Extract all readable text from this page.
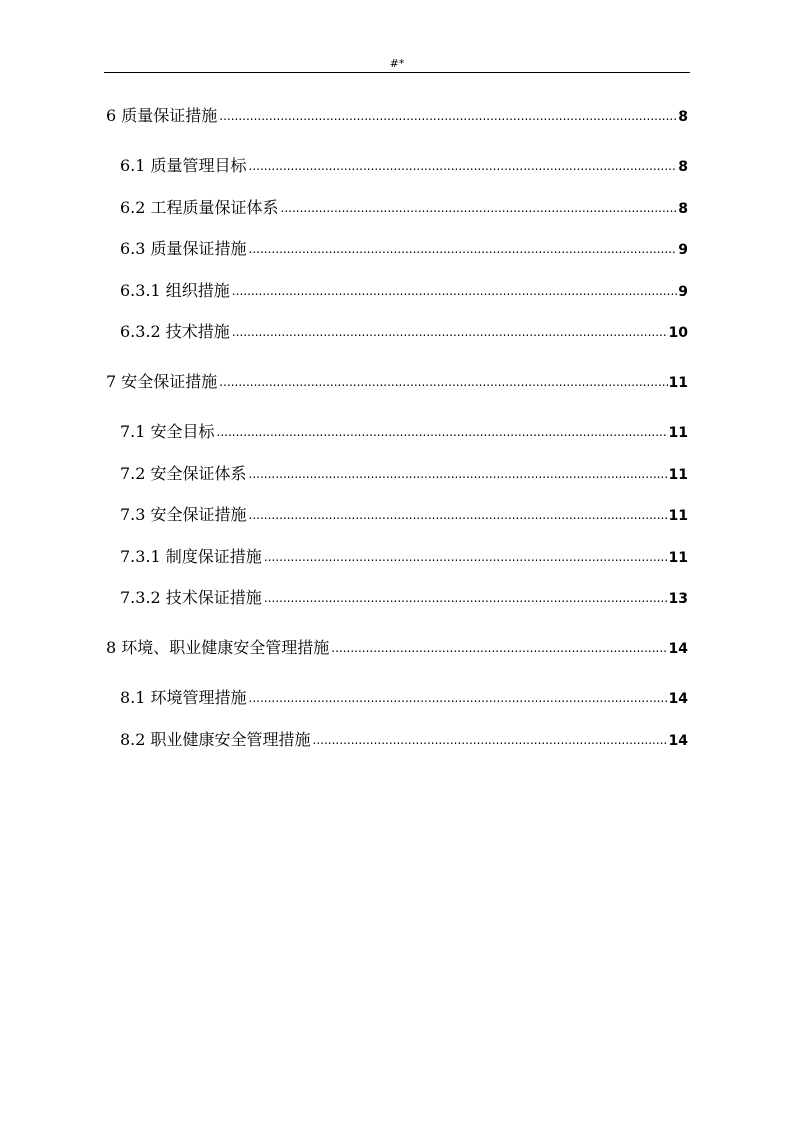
#*
6 质量保证措施 .....	8
6.1 质量管理目标 .....	8
6.2 工程质量保证体系 .....	8
6.3 质量保证措施 .....	9
6.3.1 组织措施 .....	9
6.3.2 技术措施 .....	10
7 安全保证措施 .....	11
7.1 安全目标 .....	11
7.2 安全保证体系 .....	11
7.3 安全保证措施 .....	11
7.3.1 制度保证措施 .....	11
7.3.2 技术保证措施 .....	13
8 环境、职业健康安全管理措施 .....	14
8.1 环境管理措施 .....	14
8.2 职业健康安全管理措施 .....	14
